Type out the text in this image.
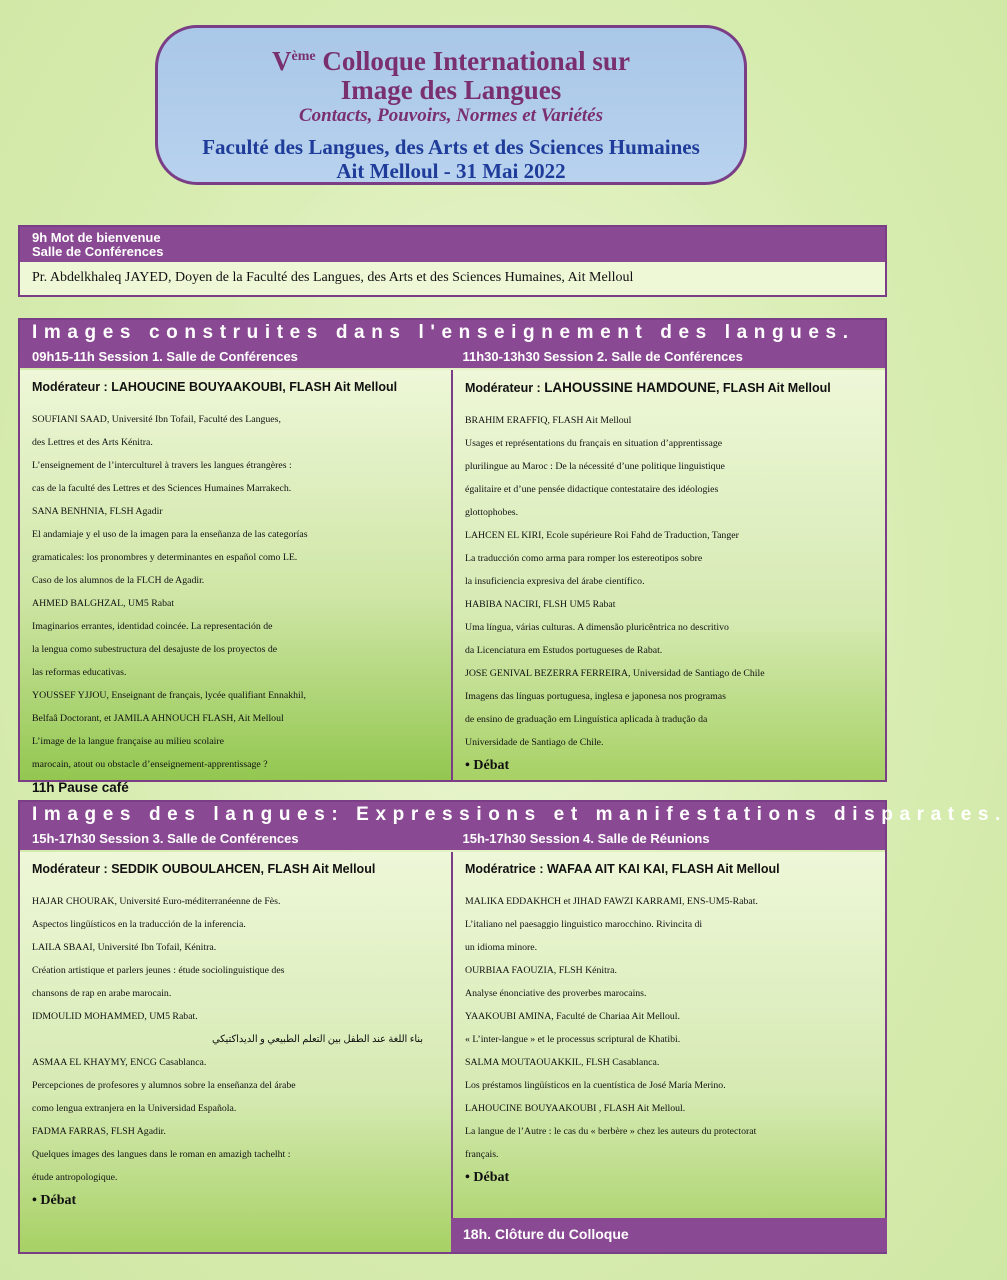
Vème Colloque International sur
Image des Langues
Contacts, Pouvoirs, Normes et Variétés
Faculté des Langues, des Arts et des Sciences Humaines
Ait Melloul - 31 Mai 2022
9h Mot de bienvenue
Salle de Conférences
Pr. Abdelkhaleq JAYED, Doyen de la Faculté des Langues, des Arts et des Sciences Humaines, Ait Melloul
Images construites dans l'enseignement des langues.
09h15-11h Session 1. Salle de Conférences	11h30-13h30 Session 2. Salle de Conférences
Modérateur : LAHOUCINE BOUYAAKOUBI, FLASH Ait Melloul
SOUFIANI SAAD, Université Ibn Tofail, Faculté des Langues,
des Lettres et des Arts Kénitra.
L’enseignement de l’interculturel à travers les langues étrangères :
cas de la faculté des Lettres et des Sciences Humaines Marrakech.
SANA BENHNIA, FLSH Agadir
El andamiaje y el uso de la imagen para la enseñanza de las categorías
gramaticales: los pronombres y determinantes en español como LE.
Caso de los alumnos de la FLCH de Agadir.
AHMED BALGHZAL, UM5 Rabat
Imaginarios errantes, identidad coincée. La representación de
la lengua como subestructura del desajuste de los proyectos de
las reformas educativas.
YOUSSEF YJJOU, Enseignant de français, lycée qualifiant Ennakhil,
Belfaâ Doctorant, et JAMILA AHNOUCH FLASH, Ait Melloul
L’image de la langue française au milieu scolaire
marocain, atout ou obstacle d’enseignement-apprentissage ?
11h Pause café
Modérateur : LAHOUSSINE HAMDOUNE, FLASH Ait Melloul
BRAHIM ERAFFIQ, FLASH Ait Melloul
Usages et représentations du français en situation d’apprentissage
plurilingue au Maroc : De la nécessité d’une politique linguistique
égalitaire et d’une pensée didactique contestataire des idéologies
glottophobes.
LAHCEN EL KIRI, Ecole supérieure Roi Fahd de Traduction, Tanger
La traducción como arma para romper los estereotipos sobre
la insuficiencia expresiva del árabe científico.
HABIBA NACIRI, FLSH UM5 Rabat
Uma língua, várias culturas. A dimensão pluricêntrica no descritivo
da Licenciatura em Estudos portugueses de Rabat.
JOSE GENIVAL BEZERRA FERREIRA, Universidad de Santiago de Chile
Imagens das línguas portuguesa, inglesa e japonesa nos programas
de ensino de graduação em Linguística aplicada à tradução da
Universidade de Santiago de Chile.
• Débat
Images des langues: Expressions et manifestations disparates.
15h-17h30 Session 3. Salle de Conférences	15h-17h30 Session 4. Salle de Réunions
Modérateur : SEDDIK OUBOULAHCEN, FLASH Ait Melloul
HAJAR CHOURAK, Université Euro-méditerranéenne de Fès.
Aspectos lingüísticos en la traducción de la inferencia.
LAILA SBAAI, Université Ibn Tofail, Kénitra.
Création artistique et parlers jeunes : étude sociolinguistique des
chansons de rap en arabe marocain.
IDMOULID MOHAMMED, UM5 Rabat.
بناء اللغة عند الطفل بين التعلم الطبيعي و الديداكتيكي
ASMAA EL KHAYMY, ENCG Casablanca.
Percepciones de profesores y alumnos sobre la enseñanza del árabe
como lengua extranjera en la Universidad Española.
FADMA FARRAS, FLSH Agadir.
Quelques images des langues dans le roman en amazigh tachelht :
étude antropologique.
• Débat
Modératrice : WAFAA AIT KAI KAI, FLASH Ait Melloul
MALIKA EDDAKHCH et JIHAD FAWZI KARRAMI, ENS-UM5-Rabat.
L’italiano nel paesaggio linguistico marocchino. Rivincita di
un idioma minore.
OURBIAA FAOUZIA, FLSH Kénitra.
Analyse énonciative des proverbes marocains.
YAAKOUBI AMINA, Faculté de Chariaa Ait Melloul.
« L’inter-langue » et le processus scriptural de Khatibi.
SALMA MOUTAOUAKKIL, FLSH Casablanca.
Los préstamos lingüísticos en la cuentística de José María Merino.
LAHOUCINE BOUYAAKOUBI , FLASH Ait Melloul.
La langue de l’Autre : le cas du « berbère » chez les auteurs du protectorat
français.
• Débat
18h. Clôture du Colloque
